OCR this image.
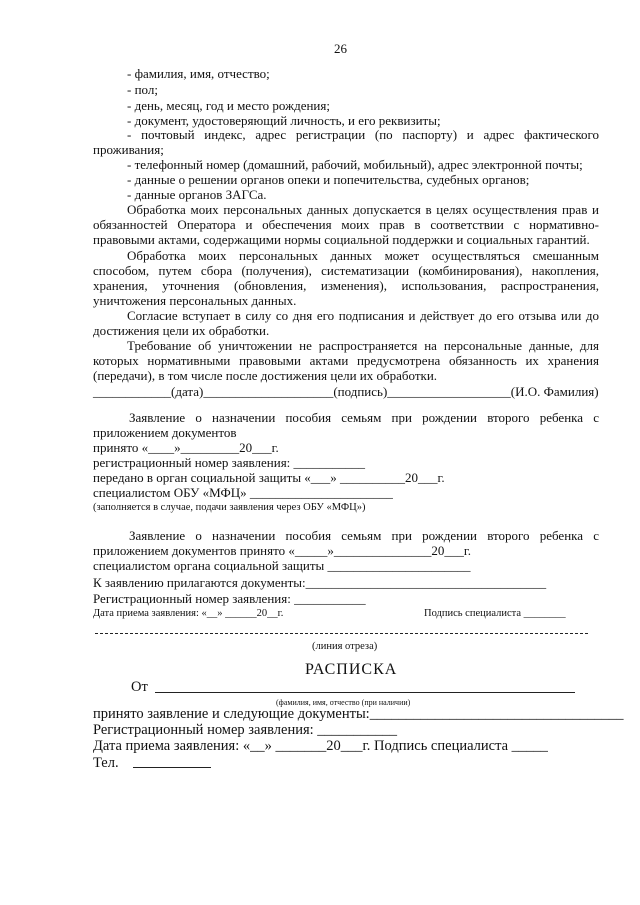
26
- фамилия, имя, отчество;
- пол;
- день, месяц, год и место рождения;
- документ, удостоверяющий личность, и его реквизиты;
- почтовый индекс, адрес регистрации (по паспорту) и адрес фактического
проживания;
- телефонный номер (домашний, рабочий, мобильный), адрес электронной почты;
- данные о решении органов опеки и попечительства, судебных органов;
- данные органов ЗАГСа.
Обработка моих персональных данных допускается в целях осуществления прав и
обязанностей Оператора и обеспечения моих прав в соответствии с нормативно-
правовыми актами, содержащими нормы социальной поддержки и социальных гарантий.
Обработка моих персональных данных может осуществляться смешанным
способом, путем сбора (получения), систематизации (комбинирования), накопления,
хранения, уточнения (обновления, изменения), использования, распространения,
уничтожения персональных данных.
Согласие вступает в силу со дня его подписания и действует до его отзыва или до
достижения цели их обработки.
Требование об уничтожении не распространяется на персональные данные, для
которых нормативными правовыми актами предусмотрена обязанность их хранения
(передачи), в том числе после достижения цели их обработки.
____________(дата)____________________(подпись)___________________(И.О. Фамилия)
Заявление о назначении пособия семьям при рождении второго ребенка с
приложением документов
принято «____»_________20___г.
регистрационный номер заявления: ___________
передано в орган социальной защиты «___» __________20___г.
специалистом ОБУ «МФЦ» ______________________
(заполняется в случае, подачи заявления через ОБУ «МФЦ»)
Заявление о назначении пособия семьям при рождении второго ребенка с
приложением документов принято «_____»_______________20___г.
специалистом органа социальной защиты ______________________
К заявлению прилагаются документы:_____________________________________
Регистрационный номер заявления: ___________
Дата приема заявления: «__» ______20__г.	Подпись специалиста ________
(линия отреза)
РАСПИСКА
От
(фамилия, имя, отчество (при наличии)
принято заявление и следующие документы:___________________________________
Регистрационный номер заявления: ___________
Дата приема заявления: «__» _______20___г. Подпись специалиста _____
Тел.
